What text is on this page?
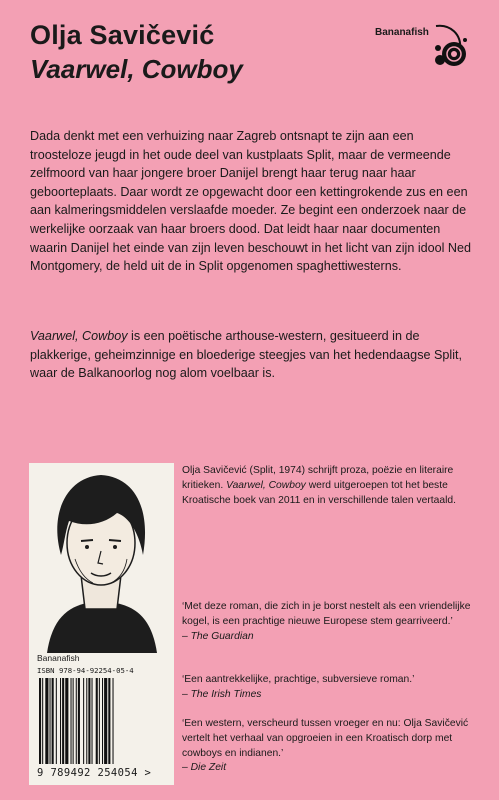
Olja Savičević
Vaarwel, Cowboy
Bananafish

Dada denkt met een verhuizing naar Zagreb ontsnapt te zijn aan een troosteloze jeugd in het oude deel van kustplaats Split, maar de vermeende zelfmoord van haar jongere broer Danijel brengt haar terug naar haar geboorteplaats. Daar wordt ze opgewacht door een kettingrokende zus en een aan kalmeringsmiddelen verslaafde moeder. Ze begint een onderzoek naar de werkelijke oorzaak van haar broers dood. Dat leidt haar naar documenten waarin Danijel het einde van zijn leven beschouwt in het licht van zijn idool Ned Montgomery, de held uit de in Split opgenomen spaghettiwesterns.

Vaarwel, Cowboy is een poëtische arthouse-western, gesitueerd in de plakkerige, geheimzinnige en bloederige steegjes van het hedendaagse Split, waar de Balkanoorlog nog alom voelbaar is.

Bananafish
ISBN 978-94-92254-05-4
9 789492 254054 >

Olja Savičević (Split, 1974) schrijft proza, poëzie en literaire kritieken. Vaarwel, Cowboy werd uitgeroepen tot het beste Kroatische boek van 2011 en in verschillende talen vertaald.

‘Met deze roman, die zich in je borst nestelt als een vriendelijke kogel, is een prachtige nieuwe Europese stem gearriveerd.’
– The Guardian

‘Een aantrekkelijke, prachtige, subversieve roman.’
– The Irish Times

‘Een western, verscheurd tussen vroeger en nu: Olja Savičević vertelt het verhaal van opgroeien in een Kroatisch dorp met cowboys en indianen.’
– Die Zeit
